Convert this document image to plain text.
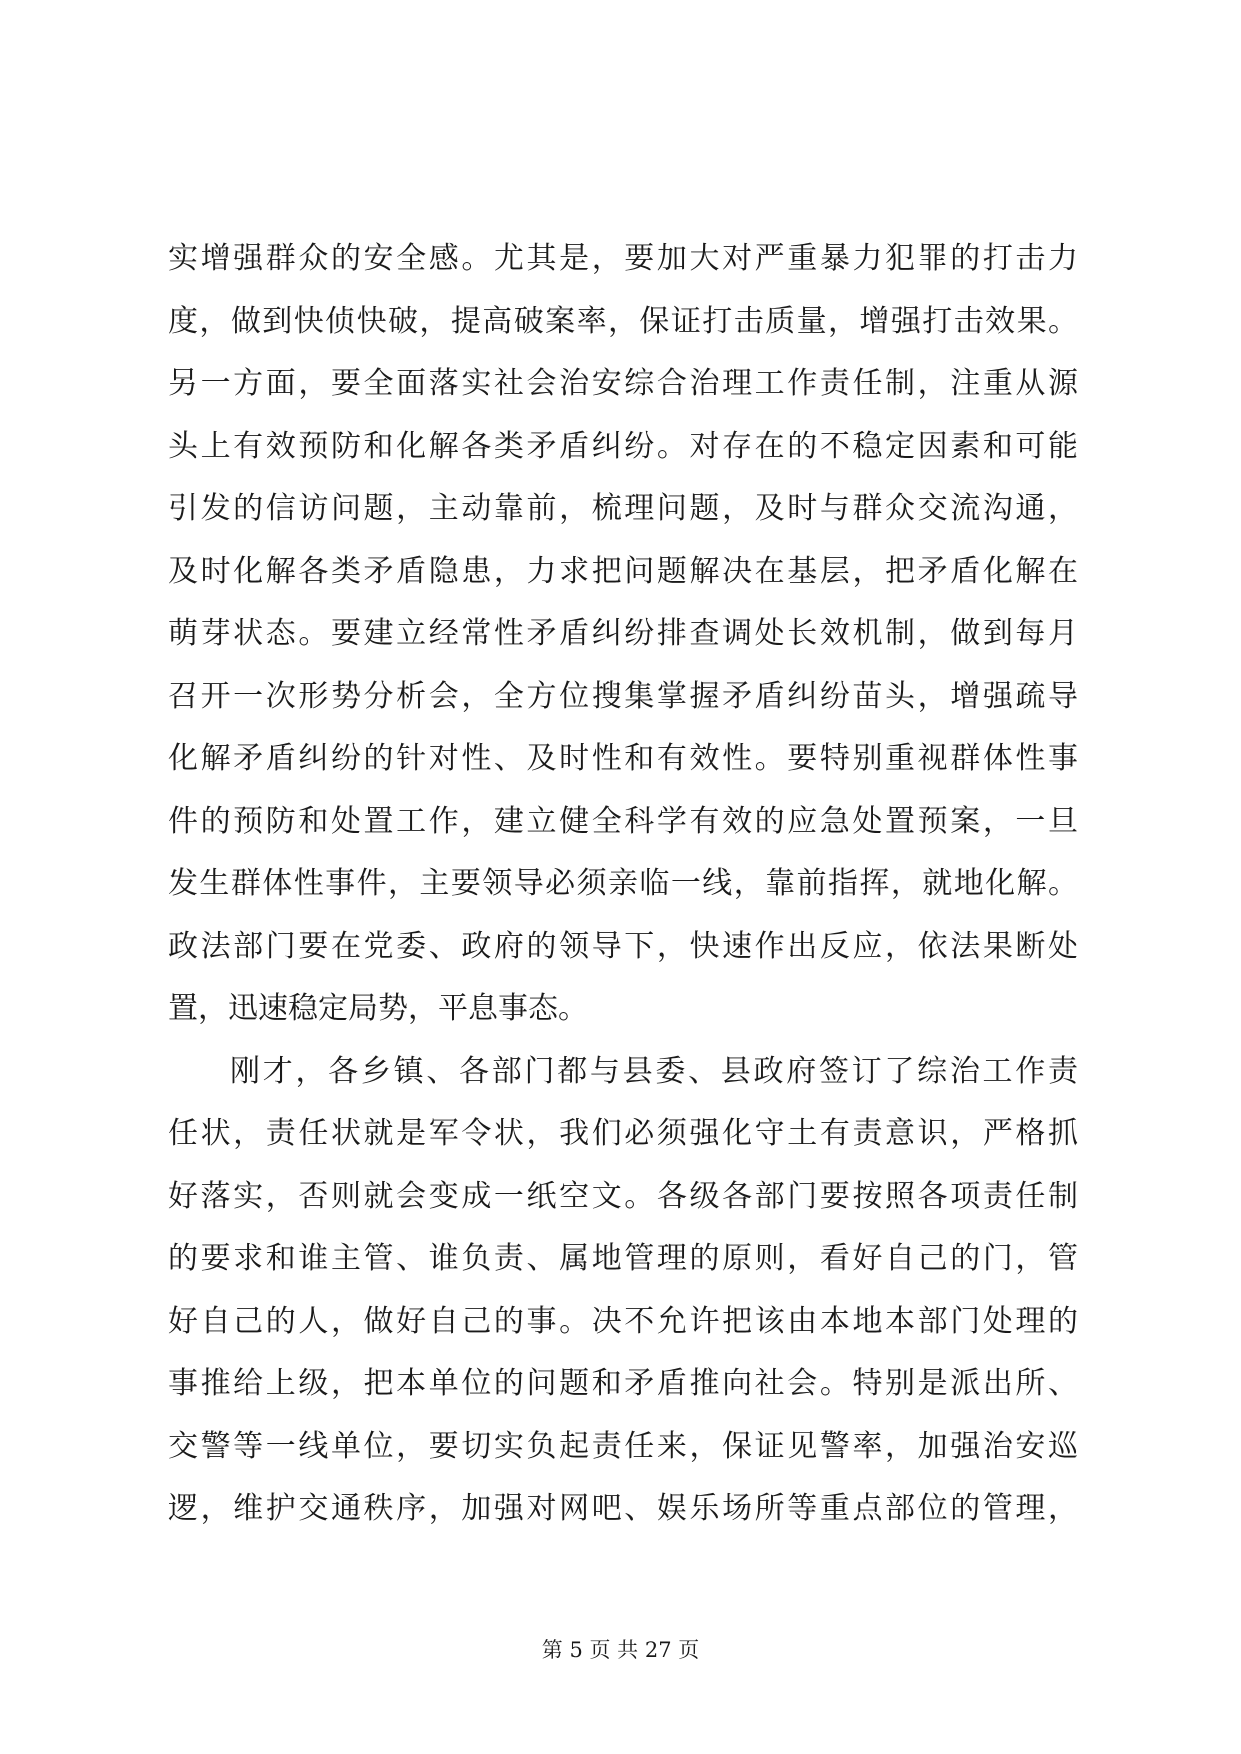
实增强群众的安全感。尤其是，要加大对严重暴力犯罪的打击力
度，做到快侦快破，提高破案率，保证打击质量，增强打击效果。
另一方面，要全面落实社会治安综合治理工作责任制，注重从源
头上有效预防和化解各类矛盾纠纷。对存在的不稳定因素和可能
引发的信访问题，主动靠前，梳理问题，及时与群众交流沟通，
及时化解各类矛盾隐患，力求把问题解决在基层，把矛盾化解在
萌芽状态。要建立经常性矛盾纠纷排查调处长效机制，做到每月
召开一次形势分析会，全方位搜集掌握矛盾纠纷苗头，增强疏导
化解矛盾纠纷的针对性、及时性和有效性。要特别重视群体性事
件的预防和处置工作，建立健全科学有效的应急处置预案，一旦
发生群体性事件，主要领导必须亲临一线，靠前指挥，就地化解。
政法部门要在党委、政府的领导下，快速作出反应，依法果断处
置，迅速稳定局势，平息事态。
刚才，各乡镇、各部门都与县委、县政府签订了综治工作责
任状，责任状就是军令状，我们必须强化守土有责意识，严格抓
好落实，否则就会变成一纸空文。各级各部门要按照各项责任制
的要求和谁主管、谁负责、属地管理的原则，看好自己的门，管
好自己的人，做好自己的事。决不允许把该由本地本部门处理的
事推给上级，把本单位的问题和矛盾推向社会。特别是派出所、
交警等一线单位，要切实负起责任来，保证见警率，加强治安巡
逻，维护交通秩序，加强对网吧、娱乐场所等重点部位的管理，
第 5 页 共 27 页
